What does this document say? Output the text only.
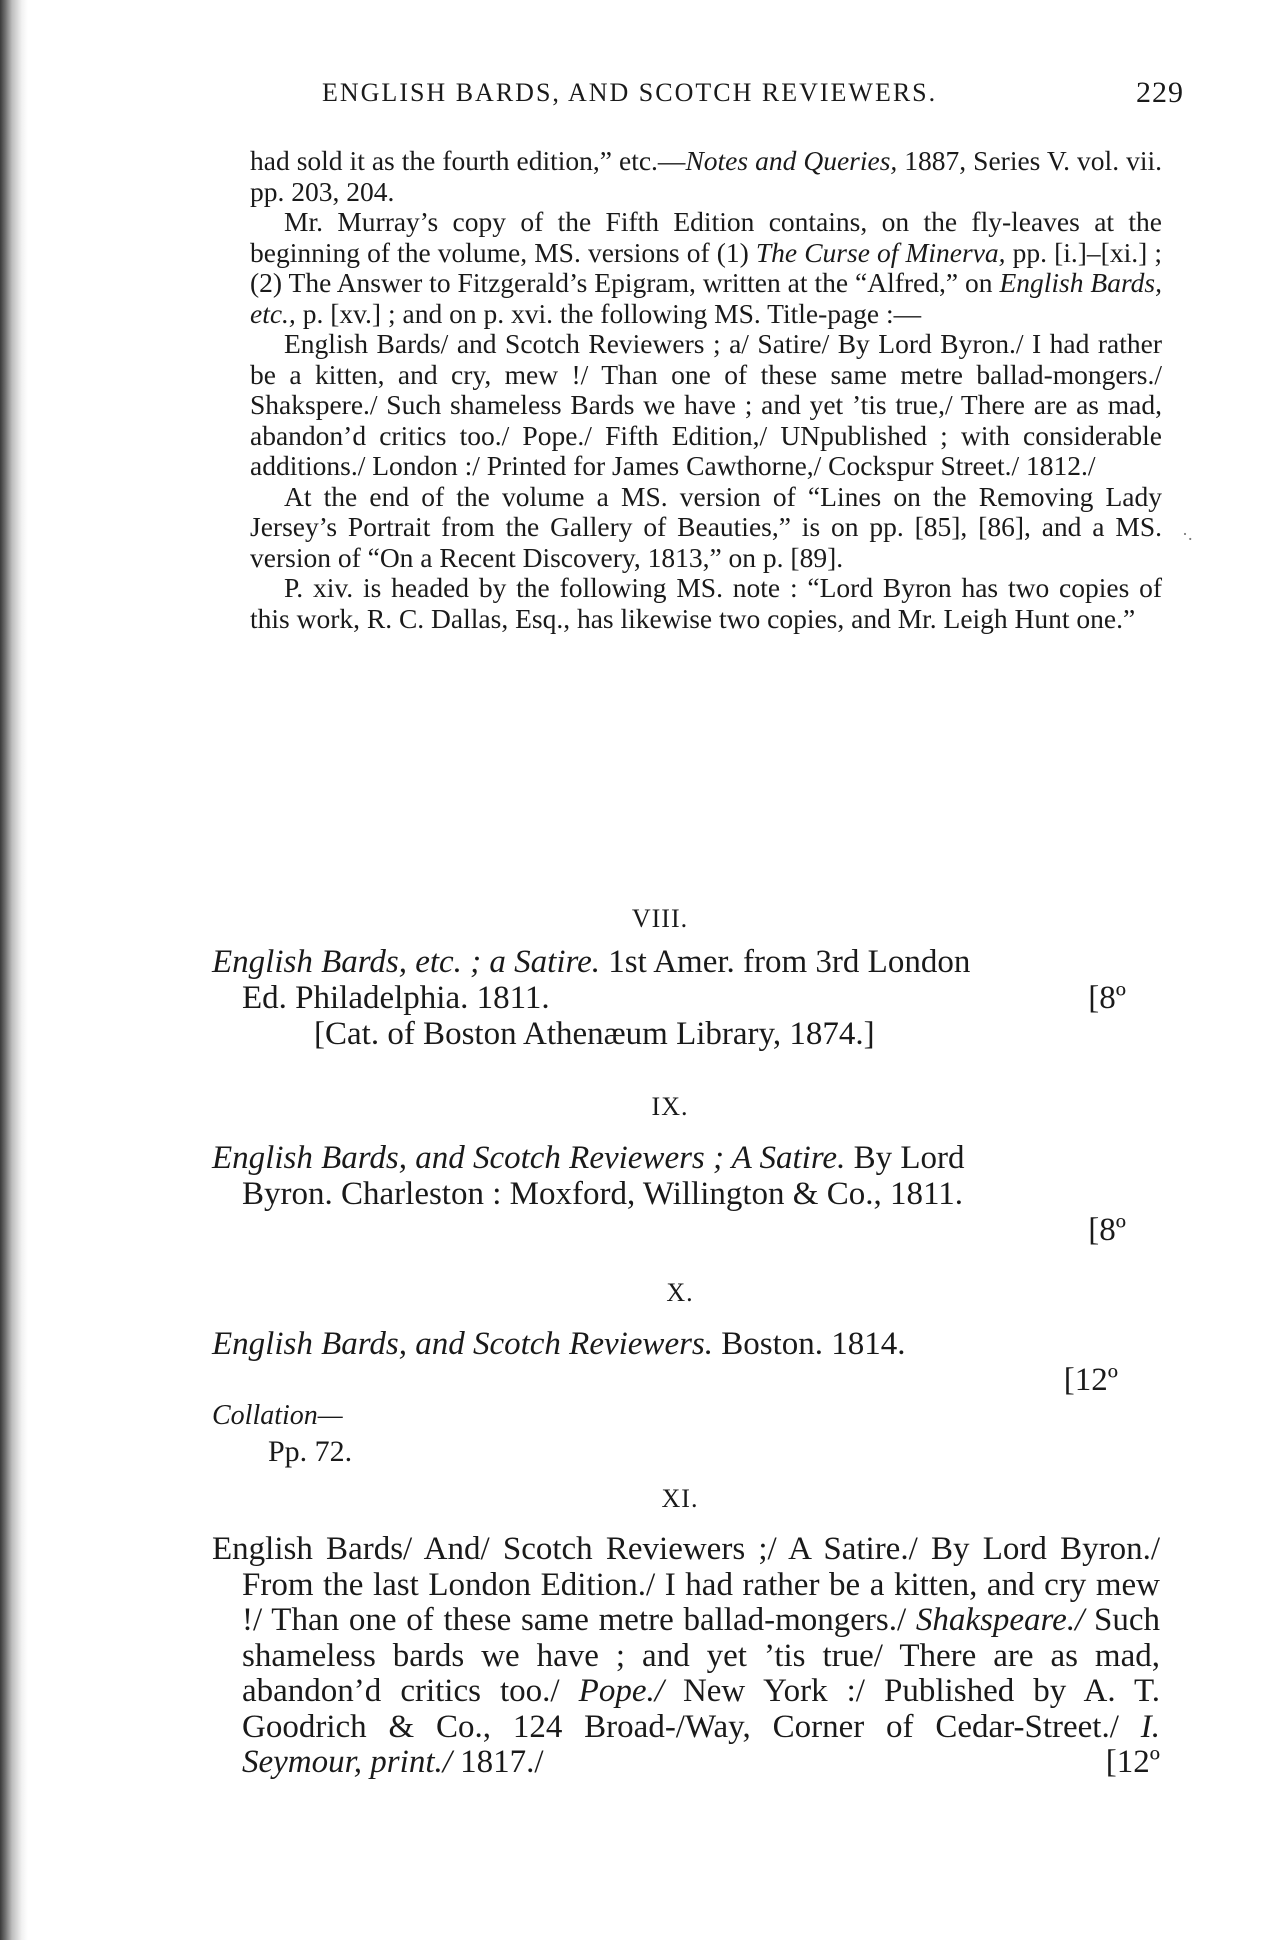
ENGLISH BARDS, AND SCOTCH REVIEWERS.	229

had sold it as the fourth edition,” etc.—Notes and Queries, 1887, Series V. vol. vii. pp. 203, 204.

Mr. Murray’s copy of the Fifth Edition contains, on the fly-leaves at the beginning of the volume, MS. versions of (1) The Curse of Minerva, pp. [i.]–[xi.] ; (2) The Answer to Fitzgerald’s Epigram, written at the “Alfred,” on English Bards, etc., p. [xv.] ; and on p. xvi. the following MS. Title-page :—

English Bards/ and Scotch Reviewers ; a/ Satire/ By Lord Byron./ I had rather be a kitten, and cry, mew !/ Than one of these same metre ballad-mongers./ Shakspere./ Such shameless Bards we have ; and yet ’tis true,/ There are as mad, abandon’d critics too./ Pope./ Fifth Edition,/ UNpublished ; with considerable additions./ London :/ Printed for James Cawthorne,/ Cockspur Street./ 1812./

At the end of the volume a MS. version of “Lines on the Removing Lady Jersey’s Portrait from the Gallery of Beauties,” is on pp. [85], [86], and a MS. version of “On a Recent Discovery, 1813,” on p. [89].

P. xiv. is headed by the following MS. note : “Lord Byron has two copies of this work, R. C. Dallas, Esq., has likewise two copies, and Mr. Leigh Hunt one.”

·.
VIII.
English Bards, etc. ; a Satire. 1st Amer. from 3rd London
Ed. Philadelphia. 1811.	[8º
[Cat. of Boston Athenæum Library, 1874.]
IX.
English Bards, and Scotch Reviewers ; A Satire. By Lord
Byron. Charleston : Moxford, Willington & Co., 1811.
[8º
X.
English Bards, and Scotch Reviewers. Boston. 1814.
[12º
Collation—
Pp. 72.
XI.

English Bards/ And/ Scotch Reviewers ;/ A Satire./ By Lord Byron./ From the last London Edition./ I had rather be a kitten, and cry mew !/ Than one of these same metre ballad-mongers./ Shakspeare./ Such shameless bards we have ; and yet ’tis true/ There are as mad, abandon’d critics too./ Pope./ New York :/ Published by A. T. Goodrich & Co., 124 Broad-/Way, Corner of Cedar-Street./ I. Seymour, print./ 1817./	[12º
